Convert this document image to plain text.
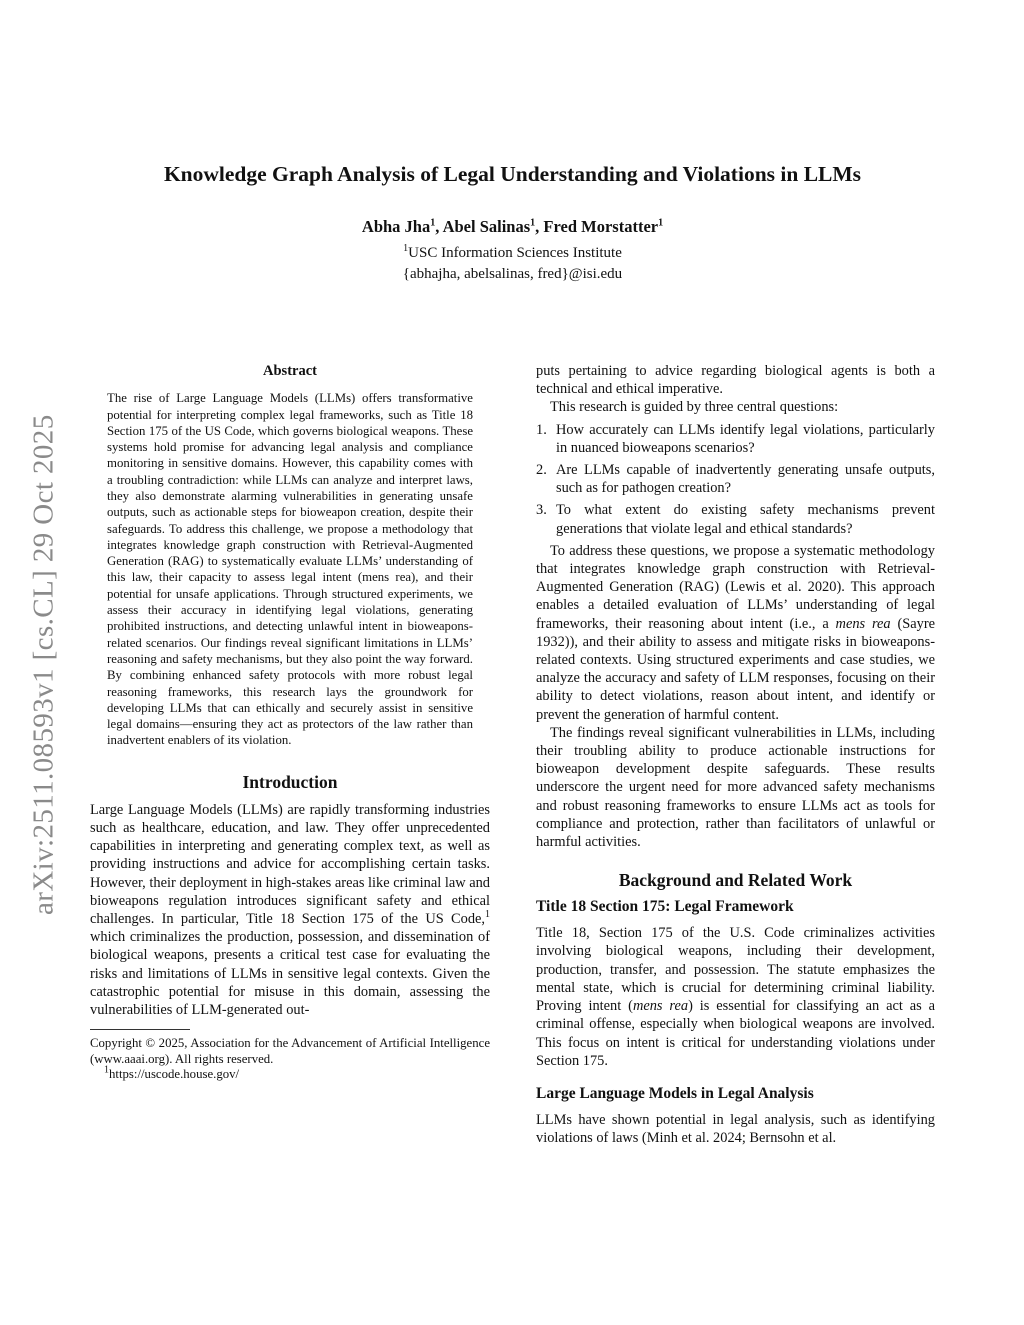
arXiv:2511.08593v1 [cs.CL] 29 Oct 2025
Knowledge Graph Analysis of Legal Understanding and Violations in LLMs
Abha Jha$^1$, Abel Salinas$^1$, Fred Morstatter$^1$
$^1$USC Information Sciences Institute
{abhajha, abelsalinas, fred}@isi.edu
Abstract

The rise of Large Language Models (LLMs) offers transformative potential for interpreting complex legal frameworks, such as Title 18 Section 175 of the US Code, which governs biological weapons. These systems hold promise for advancing legal analysis and compliance monitoring in sensitive domains. However, this capability comes with a troubling contradiction: while LLMs can analyze and interpret laws, they also demonstrate alarming vulnerabilities in generating unsafe outputs, such as actionable steps for bioweapon creation, despite their safeguards. To address this challenge, we propose a methodology that integrates knowledge graph construction with Retrieval-Augmented Generation (RAG) to systematically evaluate LLMs’ understanding of this law, their capacity to assess legal intent (mens rea), and their potential for unsafe applications. Through structured experiments, we assess their accuracy in identifying legal violations, generating prohibited instructions, and detecting unlawful intent in bioweapons-related scenarios. Our findings reveal significant limitations in LLMs’ reasoning and safety mechanisms, but they also point the way forward. By combining enhanced safety protocols with more robust legal reasoning frameworks, this research lays the groundwork for developing LLMs that can ethically and securely assist in sensitive legal domains—ensuring they act as protectors of the law rather than inadvertent enablers of its violation.

Introduction

Large Language Models (LLMs) are rapidly transforming industries such as healthcare, education, and law. They offer unprecedented capabilities in interpreting and generating complex text, as well as providing instructions and advice for accomplishing certain tasks. However, their deployment in high-stakes areas like criminal law and bioweapons regulation introduces significant safety and ethical challenges. In particular, Title 18 Section 175 of the US Code,$^1$ which criminalizes the production, possession, and dissemination of biological weapons, presents a critical test case for evaluating the risks and limitations of LLMs in sensitive legal contexts. Given the catastrophic potential for misuse in this domain, assessing the vulnerabilities of LLM-generated out-

Copyright © 2025, Association for the Advancement of Artificial Intelligence (www.aaai.org). All rights reserved.

$^1$https://uscode.house.gov/

puts pertaining to advice regarding biological agents is both a technical and ethical imperative.

This research is guided by three central questions:

1. How accurately can LLMs identify legal violations, particularly in nuanced bioweapons scenarios?
2. Are LLMs capable of inadvertently generating unsafe outputs, such as for pathogen creation?
3. To what extent do existing safety mechanisms prevent generations that violate legal and ethical standards?

To address these questions, we propose a systematic methodology that integrates knowledge graph construction with Retrieval-Augmented Generation (RAG) (Lewis et al. 2020). This approach enables a detailed evaluation of LLMs’ understanding of legal frameworks, their reasoning about intent (i.e., a mens rea (Sayre 1932)), and their ability to assess and mitigate risks in bioweapons-related contexts. Using structured experiments and case studies, we analyze the accuracy and safety of LLM responses, focusing on their ability to detect violations, reason about intent, and identify or prevent the generation of harmful content.

The findings reveal significant vulnerabilities in LLMs, including their troubling ability to produce actionable instructions for bioweapon development despite safeguards. These results underscore the urgent need for more advanced safety mechanisms and robust reasoning frameworks to ensure LLMs act as tools for compliance and protection, rather than facilitators of unlawful or harmful activities.

Background and Related Work
Title 18 Section 175: Legal Framework

Title 18, Section 175 of the U.S. Code criminalizes activities involving biological weapons, including their development, production, transfer, and possession. The statute emphasizes the mental state, which is crucial for determining criminal liability. Proving intent (mens rea) is essential for classifying an act as a criminal offense, especially when biological weapons are involved. This focus on intent is critical for understanding violations under Section 175.

Large Language Models in Legal Analysis

LLMs have shown potential in legal analysis, such as identifying violations of laws (Minh et al. 2024; Bernsohn et al.
